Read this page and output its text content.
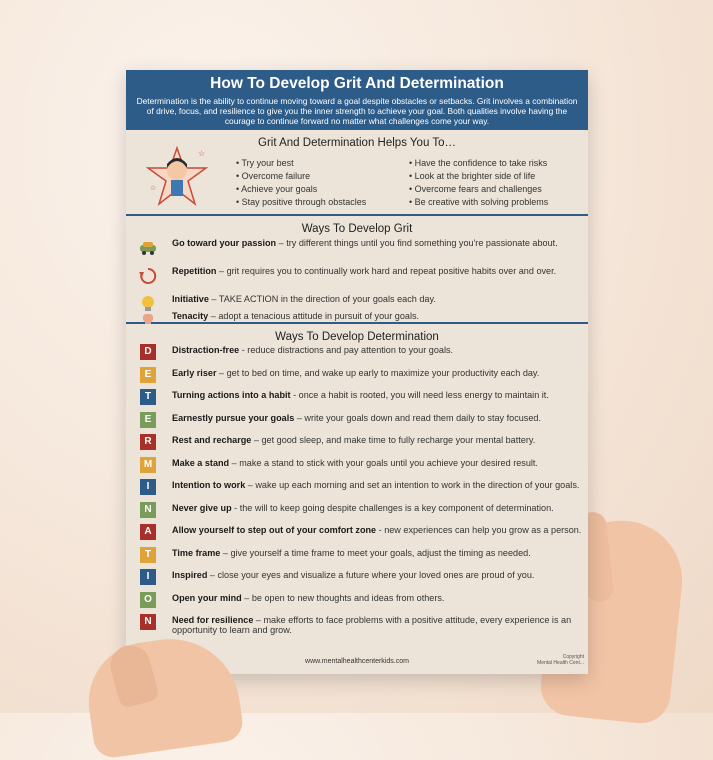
How To Develop Grit And Determination
Determination is the ability to continue moving toward a goal despite obstacles or setbacks. Grit involves a combination of drive, focus, and resilience to give you the inner strength to achieve your goal. Both qualities involve having the courage to continue forward no matter what challenges come your way.
Grit And Determination Helps You To…
☆
☆
• Try your best
• Overcome failure
• Achieve your goals
• Stay positive through obstacles
• Have the confidence to take risks
• Look at the brighter side of life
• Overcome fears and challenges
• Be creative with solving problems
Ways To Develop Grit
Go toward your passion – try different things until you find something you're passionate about.
Repetition – grit requires you to continually work hard and repeat positive habits over and over.
Initiative – TAKE ACTION in the direction of your goals each day.
Tenacity – adopt a tenacious attitude in pursuit of your goals.
Ways To Develop Determination
D	Distraction-free - reduce distractions and pay attention to your goals.
E	Early riser – get to bed on time, and wake up early to maximize your productivity each day.
T	Turning actions into a habit - once a habit is rooted, you will need less energy to maintain it.
E	Earnestly pursue your goals – write your goals down and read them daily to stay focused.
R	Rest and recharge – get good sleep, and make time to fully recharge your mental battery.
M	Make a stand – make a stand to stick with your goals until you achieve your desired result.
I	Intention to work – wake up each morning and set an intention to work in the direction of your goals.
N	Never give up - the will to keep going despite challenges is a key component of determination.
A	Allow yourself to step out of your comfort zone - new experiences can help you grow as a person.
T	Time frame – give yourself a time frame to meet your goals, adjust the timing as needed.
I	Inspired – close your eyes and visualize a future where your loved ones are proud of you.
O	Open your mind – be open to new thoughts and ideas from others.
N	Need for resilience – make efforts to face problems with a positive attitude, every experience is an opportunity to learn and grow.
www.mentalhealthcenterkids.com
Copyright
Mental Health Cent...
